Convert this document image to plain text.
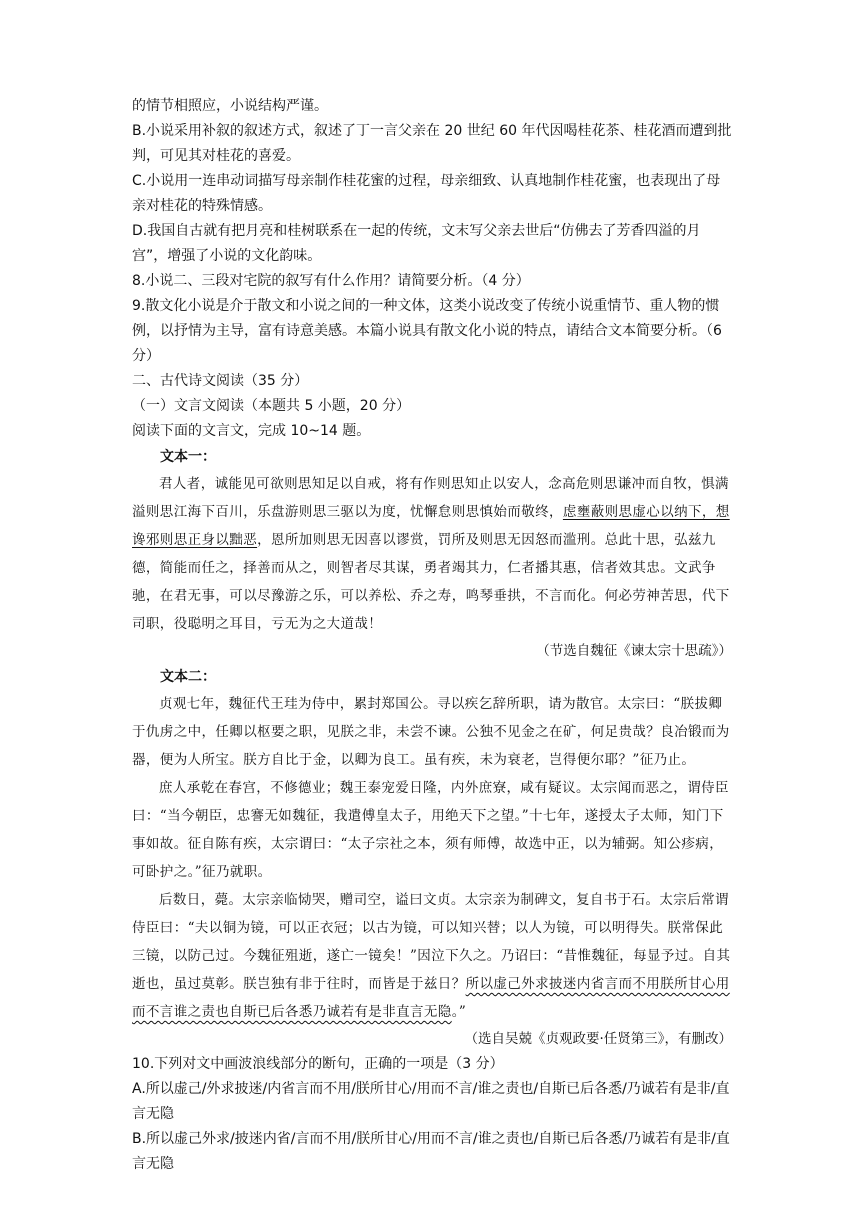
的情节相照应，小说结构严谨。

B.小说采用补叙的叙述方式，叙述了丁一言父亲在 20 世纪 60 年代因喝桂花茶、桂花酒而遭到批判，可见其对桂花的喜爱。

C.小说用一连串动词描写母亲制作桂花蜜的过程，母亲细致、认真地制作桂花蜜，也表现出了母亲对桂花的特殊情感。

D.我国自古就有把月亮和桂树联系在一起的传统，文末写父亲去世后“仿佛去了芳香四溢的月宫”，增强了小说的文化韵味。

8.小说二、三段对宅院的叙写有什么作用？请简要分析。（4 分）

9.散文化小说是介于散文和小说之间的一种文体，这类小说改变了传统小说重情节、重人物的惯例，以抒情为主导，富有诗意美感。本篇小说具有散文化小说的特点，请结合文本简要分析。（6 分）

二、古代诗文阅读（35 分）

（一）文言文阅读（本题共 5 小题，20 分）

阅读下面的文言文，完成 10~14 题。

文本一：

君人者，诚能见可欲则思知足以自戒，将有作则思知止以安人，念高危则思谦冲而自牧，惧满溢则思江海下百川，乐盘游则思三驱以为度，忧懈怠则思慎始而敬终，虑壅蔽则思虚心以纳下，想谗邪则思正身以黜恶，恩所加则思无因喜以谬赏，罚所及则思无因怒而滥刑。总此十思，弘兹九德，简能而任之，择善而从之，则智者尽其谋，勇者竭其力，仁者播其惠，信者效其忠。文武争驰，在君无事，可以尽豫游之乐，可以养松、乔之寿，鸣琴垂拱，不言而化。何必劳神苦思，代下司职，役聪明之耳目，亏无为之大道哉！

（节选自魏征《谏太宗十思疏》）

文本二：

贞观七年，魏征代王珪为侍中，累封郑国公。寻以疾乞辞所职，请为散官。太宗曰：“朕拔卿于仇虏之中，任卿以枢要之职，见朕之非，未尝不谏。公独不见金之在矿，何足贵哉？良冶锻而为器，便为人所宝。朕方自比于金，以卿为良工。虽有疾，未为衰老，岂得便尔耶？”征乃止。

庶人承乾在春宫，不修德业；魏王泰宠爱日隆，内外庶寮，咸有疑议。太宗闻而恶之，谓侍臣曰：“当今朝臣，忠謇无如魏征，我遣傅皇太子，用绝天下之望。”十七年，遂授太子太师，知门下事如故。征自陈有疾，太宗谓曰：“太子宗社之本，须有师傅，故选中正，以为辅弼。知公疹病，可卧护之。”征乃就职。

后数日，薨。太宗亲临恸哭，赠司空，谥曰文贞。太宗亲为制碑文，复自书于石。太宗后常谓侍臣曰：“夫以铜为镜，可以正衣冠；以古为镜，可以知兴替；以人为镜，可以明得失。朕常保此三镜，以防己过。今魏征殂逝，遂亡一镜矣！”因泣下久之。乃诏曰：“昔惟魏征，每显予过。自其逝也，虽过莫彰。朕岂独有非于往时，而皆是于兹日？所以虚己外求披迷内省言而不用朕所甘心用而不言谁之责也自斯已后各悉乃诚若有是非直言无隐。”

（选自吴兢《贞观政要·任贤第三》，有删改）

10.下列对文中画波浪线部分的断句，正确的一项是（3 分）

A.所以虚己/外求披迷/内省言而不用/朕所甘心/用而不言/谁之责也/自斯已后各悉/乃诚若有是非/直言无隐

B.所以虚己外求/披迷内省/言而不用/朕所甘心/用而不言/谁之责也/自斯已后各悉/乃诚若有是非/直言无隐
